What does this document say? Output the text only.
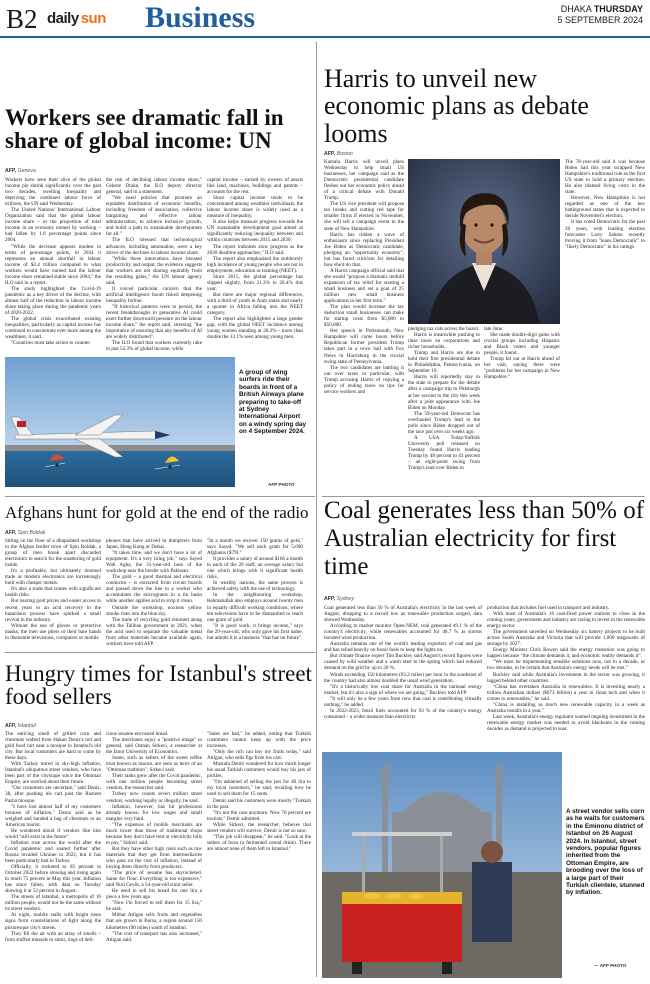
B2 daily sun Business	DHAKA THURSDAY
5 SEPTEMBER 2024
Workers see dramatic fall in share of global income: UN
AFP, Geneva

Workers have seen their slice of the global income pie shrink significantly over the past two decades, swelling inequality and depriving the combined labour force of trillions, the UN said Wednesday.

The United Nations' International Labour Organization said that the global labour income share – or the proportion of total income in an economy earned by working – had fallen by 1.6 percentage points since 2004.

"While the decrease appears modest in terms of percentage points, in 2024 it represents an annual shortfall in labour income of $2.4 trillion compared to what workers would have earned had the labour income share remained stable since 2004," the ILO said in a report.

The study highlighted the Covid-19 pandemic as a key driver of the decline, with almost half of the reduction in labour income share taking place during the pandemic years of 2020-2022.

The global crisis exacerbated existing inequalities, particularly as capital income has continued to concentrate ever more among the wealthiest, it said.

"Countries must take action to counter

the risk of declining labour income share," Celeste Drake, the ILO deputy director general, said in a statement.

"We need policies that promote an equitable distribution of economic benefits, including freedom of association, collective bargaining and effective labour administration, to achieve inclusive growth, and build a path to sustainable development for all."

The ILO stressed that technological advances, including automation, were a key driver of the declines in labour income share.

"While these innovations have boosted productivity and output, the evidence suggests that workers are not sharing equitably from the resulting gains," the UN labour agency said.

It voiced particular concern that the artificial intelligence boom risked deepening inequality further.

"If historical patterns were to persist, the recent breakthroughs in generative AI could exert further downward pressure on the labour income share," the report said, stressing "the importance of ensuring that any benefits of AI are widely distributed".

The ILO found that workers currently rake in just 52.3% of global income, while

capital income – earned by owners of assets like land, machines, buildings and patents – accounts for the rest.

Since capital income tends to be concentrated among wealthier individuals, the labour income share is widely used as a measure of inequality.

It also helps measure progress towards the UN sustainable development goal aimed at significantly reducing inequality between and within countries between 2015 and 2030.

The report indicates slow progress as the 2030 deadline approaches," ILO said.

The report also emphasised the stubbornly high incidence of young people who are not in employment, education or training (NEET).

Since 2015, the global percentage has slipped slightly, from 21.3% to 20.4% this year.

But there are major regional differences, with a third of youth in Arab states and nearly a quarter in Africa falling into the NEET category.

The report also highlighted a large gender gap, with the global NEET incidence among young women standing at 28.2% - more than double the 13.1% seen among young men.

A group of wing surfers ride their boards in front of a British Airways plane preparing to take-off at Sydney International Airport on a windy spring day on 4 September 2024.
AFP PHOTO
Harris to unveil new economic plans as debate looms
AFP, Boston

Kamala Harris will unveil plans Wednesday to help small US businesses, her campaign said as the Democratic presidential candidate fleshes out her economic policy ahead of a critical debate with Donald Trump.

The US vice president will propose tax breaks and cutting red tape for smaller firms if elected in November, she will tell a campaign event in the state of New Hampshire.

Harris has ridden a wave of enthusiasm since replacing President Joe Biden as Democratic candidate, pledging an "opportunity economy", but has faced criticism for detailing how she'd do that.

A Harris campaign official said that she would "propose a dramatic tenfold expansion of tax relief for starting a small business and set a goal of 25 million new small business applications in her first term."

The plan would increase the tax deduction small businesses can make for startup costs from $5,000 to $50,000.

Her speech in Portsmouth, New Hampshire will come hours before Republican former president Trump takes part in a town hall with Fox News in Harrisburg in the crucial swing state of Pennsylvania.

The two candidates are battling it out over taxes in particular, with Trump accusing Harris of copying a policy of ending taxes on tips for service workers and

pledging tax cuts across the board.

Harris is meanwhile pushing to raise taxes on corporations and richer households.

Trump and Harris are due to hold their first presidential debate in Philadelphia, Pennsylvania, on September 10.

Harris will reportedly stay in the state to prepare for the debate after a campaign trip to Pittsburgh at her second to the city this week after a joint appearance with Joe Biden on Monday.

The 59-year-old Democrat has overhauled Trump's lead in the polls since Biden dropped out of the race just over six weeks ago.

A USA Today/Suffolk University poll released on Tuesday found Harris leading Trump by 48 percent to 43 percent – an eight-point swing from Trump's lead over Biden in

late June.

She made double-digit gains with crucial groups including Hispanic and Black voters and younger people, it found.

Trump hit out at Harris ahead of her visit, saying there were "problems for her campaign in New Hampshire."

The 78-year-old said it was because Biden had this year scrapped New Hampshire's traditional role as the first US state to hold a primary election. He also blamed living costs in the state.

However, New Hampshire is not regarded as one of the key battleground states that is expected to decide November's election.

It has voted Democratic for the past 20 years, with leading election forecaster Larry Sabato recently moving it from "leans Democratic" to "likely Democratic" in his ratings.

Afghans hunt for gold at the end of the radio
AFP, Spin Boldak

Sitting on the floor of a dilapidated workshop in the Afghan border town of Spin Boldak, a group of men break apart discarded electronics to search for the smattering of gold inside.

It's a profitable, but ultimately doomed trade as modern electronics are increasingly built with cheaper metals.

It's also a trade that comes with significant health risks.

But soaring gold prices and easier access to recent years to an acid recovery in the hazardous process have sparked a small revival in the industry.

Without the use of gloves or protective masks, the men use pliers or their bare hands to dismantle televisions, computers or mobile

phones that have arrived in dumptrers from Japan, Hong Kong or Dubai.

"It takes time, and we don't have a lot of equipment. It's a very tiring job," says Sayed Wali Agha, the 31-year-old boss of the workshop near the border with Pakistan.

The gold – a good thermal and electrical conductor – is extracted from circuit boards and passed down the line to a worker who accumulates the micrograms in a tin basin while another applies acid to strip it clean.

Outside the workshop, noxious yellow smoke rises into the blue sky.

The trade of recycling gold returned along with the Taliban government in 2021, when the acid used to separate the valuable metal from other materials became available again, workers have told AFP.

"In a month we recover 150 grams of gold," says Sayed. "We sell each gram for 5,600 Afghanis ($79)."

It provides a salary of around $166 a month to each of the 20 staff, an average salary but one which brings with it significant health risks.

In wealthy nations, the same process is achieved safely with the use of technology.

In the neighbouring workshop, Rahmatullah also employs around twenty men in equally difficult working conditions, where ten televisions have to be dismantled to reach one gram of gold.

"It is good work, it brings income," says the 29-year-old, who only gave his first name, but admits it is a business "that has no future".

Coal generates less than 50% of Australian electricity for first time
AFP, Sydney

Coal generated less than 50 % of Australia's electricity in the last week of August, dropping to a record low as renewable production surged, data showed Wednesday.

According to market monitor Open-NEM, coal generated 49.1 % of the country's electricity, while renewables accounted for 46.7 % as storms boosted wind production.

Australia remains one of the world's leading exporters of coal and gas and has relied heavily on fossil fuels to keep the lights on.

But climate finance expert Tim Buckley said August's record figures were caused by wild weather and a warm start to the spring which had reduced demand on the grid by up to 20 %.

Winds exceeding 150 kilometres (93.2 miles) per hour in the southeast of the country had also almost doubled the usual wind generation.

"It's a historically low coal share for Australia in the national energy market, but it's also a sign of where we are going," Buckley told AFP.

"It will only be a few years from now that coal is contributing virtually nothing," he added.

In 2022-2023, fossil fuels accounted for 93 % of the country's energy consumed – a wider measure than electricity

production that includes fuel used in transport and industry.

With most of Australia's 16 coal-fired power stations to close in the coming years, government and industry are racing to invest in the renewable energy sector.

The government unveiled on Wednesday six battery projects to be built across South Australia and Victoria that will provide 1,000 megawatts of storage by 2027.

Energy Minister Chris Bowen said the energy transition was going to happen because "the climate demands it, and economic reality demands it".

"We must be implementing sensible solutions now, not in a decade, or two decades, to be certain that Australia's energy needs will be met."

Buckley said while Australia's investment in the sector was growing, it lagged behind other countries.

"China has overtaken Australia in renewables. It is investing nearly a trillion Australian dollars ($673 billion) a year in clean tech and when it comes to renewables," he said.

"China is installing as much new renewable capacity in a week as Australia installs in a year."

Last week, Australia's energy regulator warned ongoing investment in the renewable energy market was needed to avoid blackouts in the coming decades as demand is projected to soar.

Hungry times for Istanbul's street food sellers
AFP, Istanbul

The enticing smell of grilled corn and chestnuts wafted from Hakan Deniz's red and gold food cart near a mosque in Istanbul's old city. But local customers are hard to come by these days.

With Turkey mired in sky-high inflation, Istanbul's ubiquitous street vendors, who have been part of the cityscape since the Ottoman Empire, are worried about their future.

"Our customers are uncertain," said Deniz, 38, after pushing his cart past the Rustem Pasha mosque.

"I have lost almost half of my customers because of inflation," Deniz said as he weighed and handed a bag of chestnuts to an American tourist.

He wondered aloud if vendors like him would "still exist in the future".

Inflation rose across the world after the Covid pandemic and soared further after Russia invaded Ukraine in 2022, but it has been particularly bad in Turkey.

Officially, it rocketed to 85 percent in October 2022 before slowing and rising again to reach 75 percent in May this year. Inflation has since fallen, with data on Tuesday showing it at 52 percent in August.

The streets of Istanbul, a metropolis of 16 million people, would not be the same without its street vendors.

At night, mobile stalls with bright neon signs form constellations of light along the picturesque city's streets.

They fill the air with an array of smells – from stuffed mussels to simit, rings of deli-

cious sesame-encrusted bread.

The merchants enjoy a "positive image" in general, said Osman Sirkeci, a researcher at the Izmir University of Economics.

Some, such as sellers of the sweet toffee treat known as macun, are seen as heirs of an "Ottoman tradition", Sirkeci said.

Their ranks grew after the Covid pandemic, with one million people becoming street vendors, the researcher said.

Turkey now counts seven million street vendors, working legally or illegally, he said.

Inflation, however, has hit professions already known for low wages and small margins very hard.

"The expenses of mobile merchants are much lower than those of traditional shops because they don't have rent or electricity bills to pay," Sirkeci said.

But they have other high costs such as raw materials that they get from intermediaries who pass on the cost of inflation, instead of buying them directly from producers.

"The price of sesame has skyrocketed. Same for flour. Everything is too expensive," said Nuri Geyik, a 54-year-old simit seller.

He used to sell his bread for one lira a piece a few years ago.

"Now I'm forced to sell them for 15 lira," he said.

Mithat Atilgan sells fruits and vegetables that are grown in Bursa, a region around 150 kilometres (90 miles) south of Istanbul.

"The cost of transport has also increased," Atilgan said.

"Sales are bad," he added, noting that Turkish customers cannot keep up with the price increases.

"Only the rich can buy my fruits today," said Atilgan, who sells figs from his cart.

Mustafa Demir wondered for how much longer his usual Turkish customers would buy his jars of pickles.

"I'm ashamed of selling the jars for 40 lira to my loyal customers," he said, recalling how he used to sell them for 15 cents.

Demir said his customers were mostly "Turkish in the past.

"It's not the case anymore. Now 70 percent are tourists," Demir admitted.

While Sirkeci, the researcher, believes that street vendors will survive, Demir is not so sure.

"This job will disappear," he said. "Look at the sellers of boza (a fermented cereal drink). There are almost none of them left in Istanbul."

A street vendor sells corn as he waits for customers in the Eminonu district of Istanbul on 26 August 2024. In Istanbul, street vendors, popular figures inherited from the Ottoman Empire, are brooding over the loss of a large part of their Turkish clientele, stunned by inflation.
— AFP PHOTO
